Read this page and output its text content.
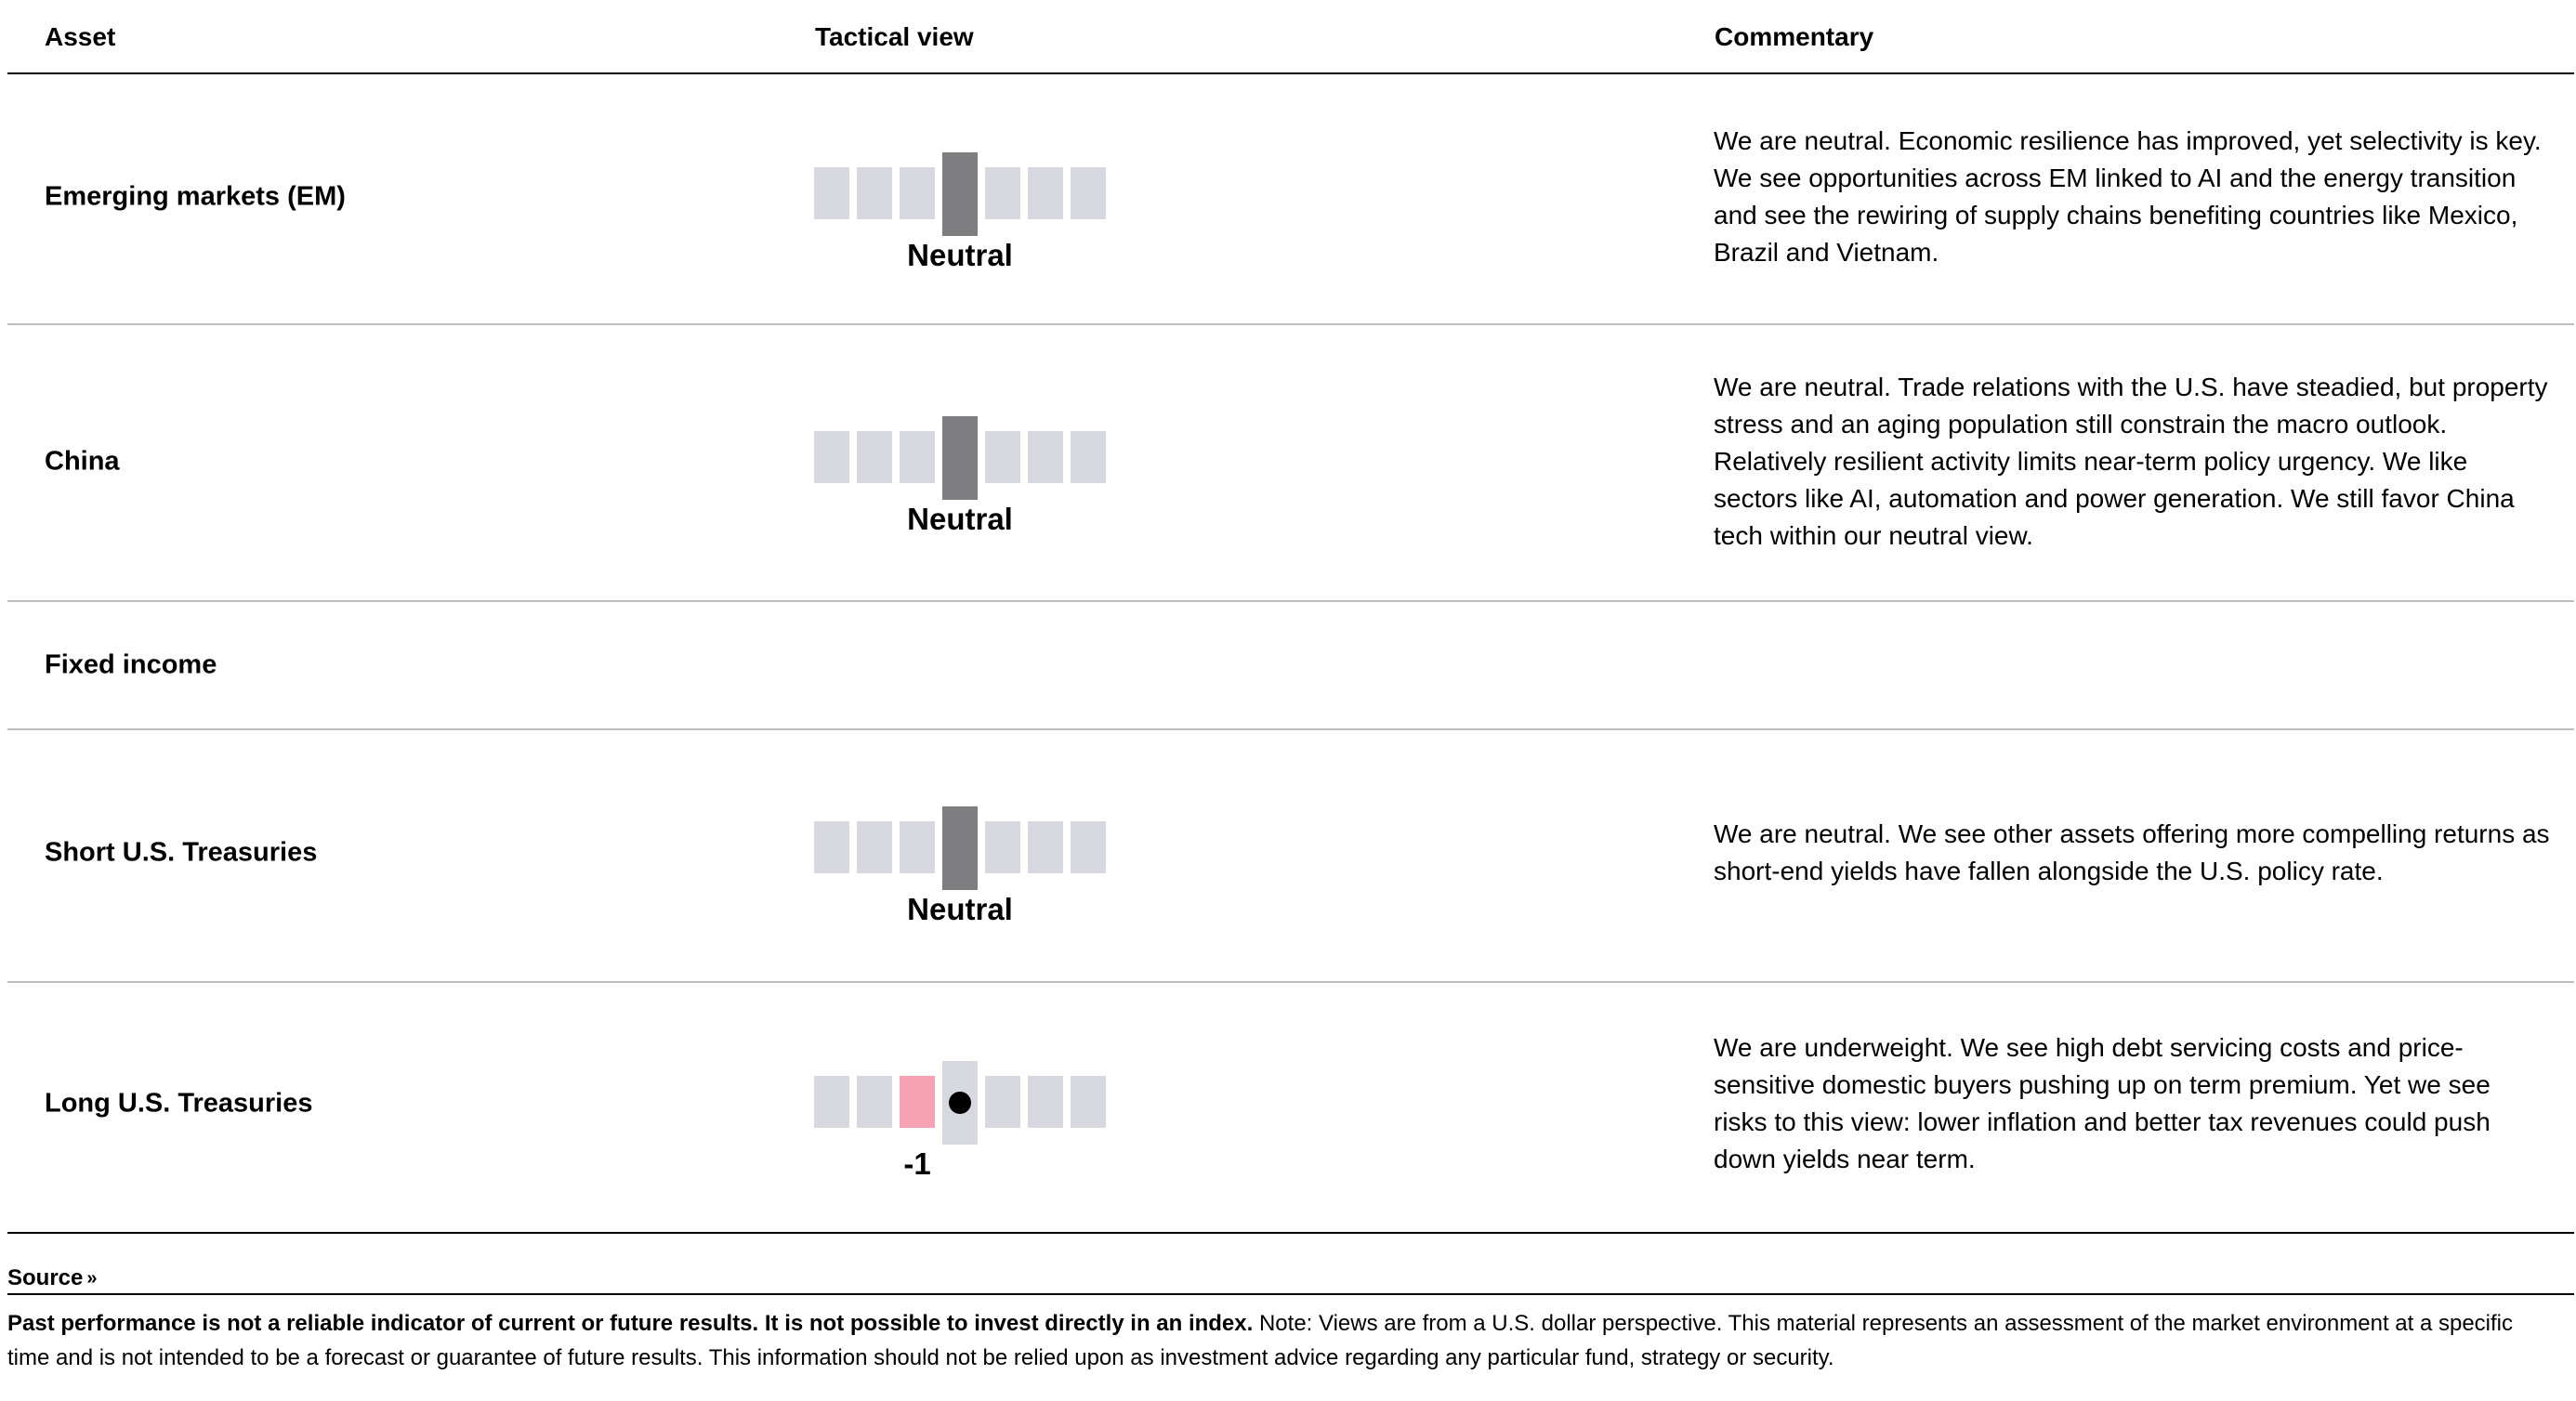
Asset	Tactical view	Commentary
Emerging markets (EM)
Neutral
We are neutral. Economic resilience has improved, yet selectivity is key. We see opportunities across EM linked to AI and the energy transition and see the rewiring of supply chains benefiting countries like Mexico, Brazil and Vietnam.
China
Neutral
We are neutral. Trade relations with the U.S. have steadied, but property stress and an aging population still constrain the macro outlook. Relatively resilient activity limits near-term policy urgency. We like sectors like AI, automation and power generation. We still favor China tech within our neutral view.
Fixed income
Short U.S. Treasuries
Neutral
We are neutral. We see other assets offering more compelling returns as short-end yields have fallen alongside the U.S. policy rate.
Long U.S. Treasuries
-1
We are underweight. We see high debt servicing costs and price-sensitive domestic buyers pushing up on term premium. Yet we see risks to this view: lower inflation and better tax revenues could push down yields near term.
Source »
Past performance is not a reliable indicator of current or future results. It is not possible to invest directly in an index. Note: Views are from a U.S. dollar perspective. This material represents an assessment of the market environment at a specific time and is not intended to be a forecast or guarantee of future results. This information should not be relied upon as investment advice regarding any particular fund, strategy or security.
